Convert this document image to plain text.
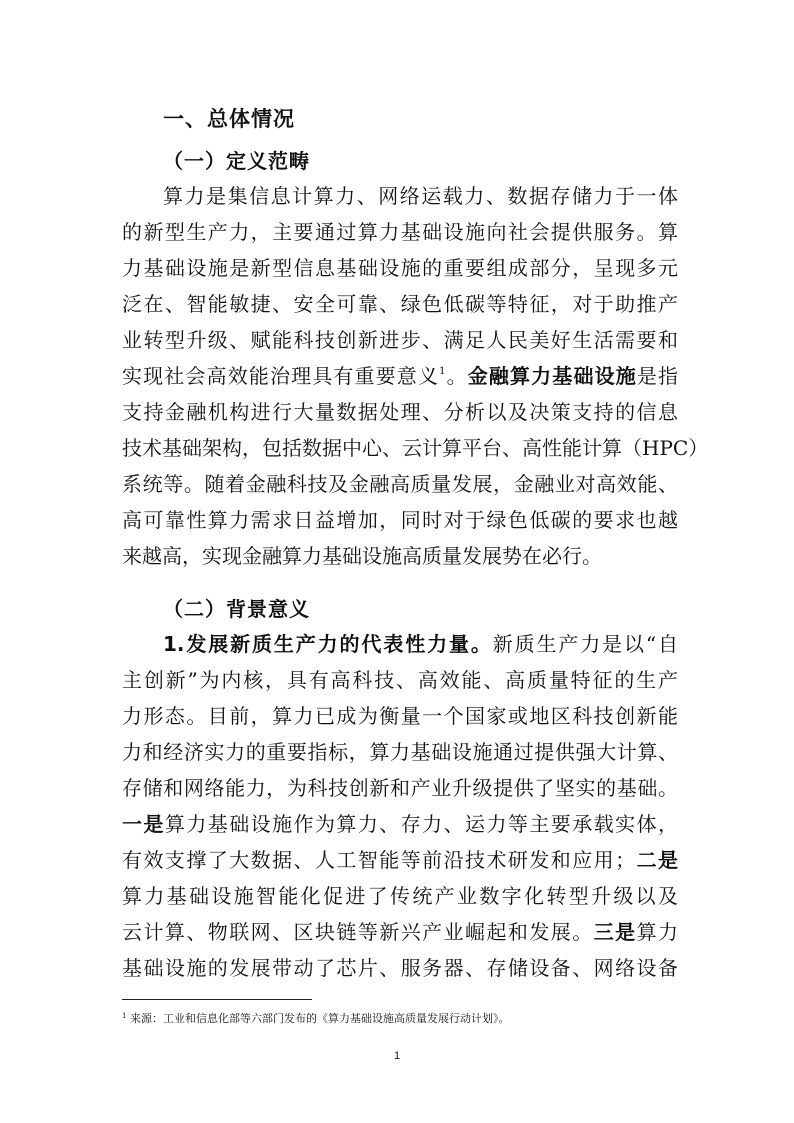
一、总体情况
（一）定义范畴
算力是集信息计算力、网络运载力、数据存储力于一体
的新型生产力，主要通过算力基础设施向社会提供服务。算
力基础设施是新型信息基础设施的重要组成部分，呈现多元
泛在、智能敏捷、安全可靠、绿色低碳等特征，对于助推产
业转型升级、赋能科技创新进步、满足人民美好生活需要和
实现社会高效能治理具有重要意义$^1$。金融算力基础设施是指
支持金融机构进行大量数据处理、分析以及决策支持的信息
技术基础架构，包括数据中心、云计算平台、高性能计算（HPC）
系统等。随着金融科技及金融高质量发展，金融业对高效能、
高可靠性算力需求日益增加，同时对于绿色低碳的要求也越
来越高，实现金融算力基础设施高质量发展势在必行。
（二）背景意义
1.发展新质生产力的代表性力量。新质生产力是以“自
主创新”为内核，具有高科技、高效能、高质量特征的生产
力形态。目前，算力已成为衡量一个国家或地区科技创新能
力和经济实力的重要指标，算力基础设施通过提供强大计算、
存储和网络能力，为科技创新和产业升级提供了坚实的基础。
一是算力基础设施作为算力、存力、运力等主要承载实体，
有效支撑了大数据、人工智能等前沿技术研发和应用；二是
算力基础设施智能化促进了传统产业数字化转型升级以及
云计算、物联网、区块链等新兴产业崛起和发展。三是算力
基础设施的发展带动了芯片、服务器、存储设备、网络设备
$^1$ 来源：工业和信息化部等六部门发布的《算力基础设施高质量发展行动计划》。
1
